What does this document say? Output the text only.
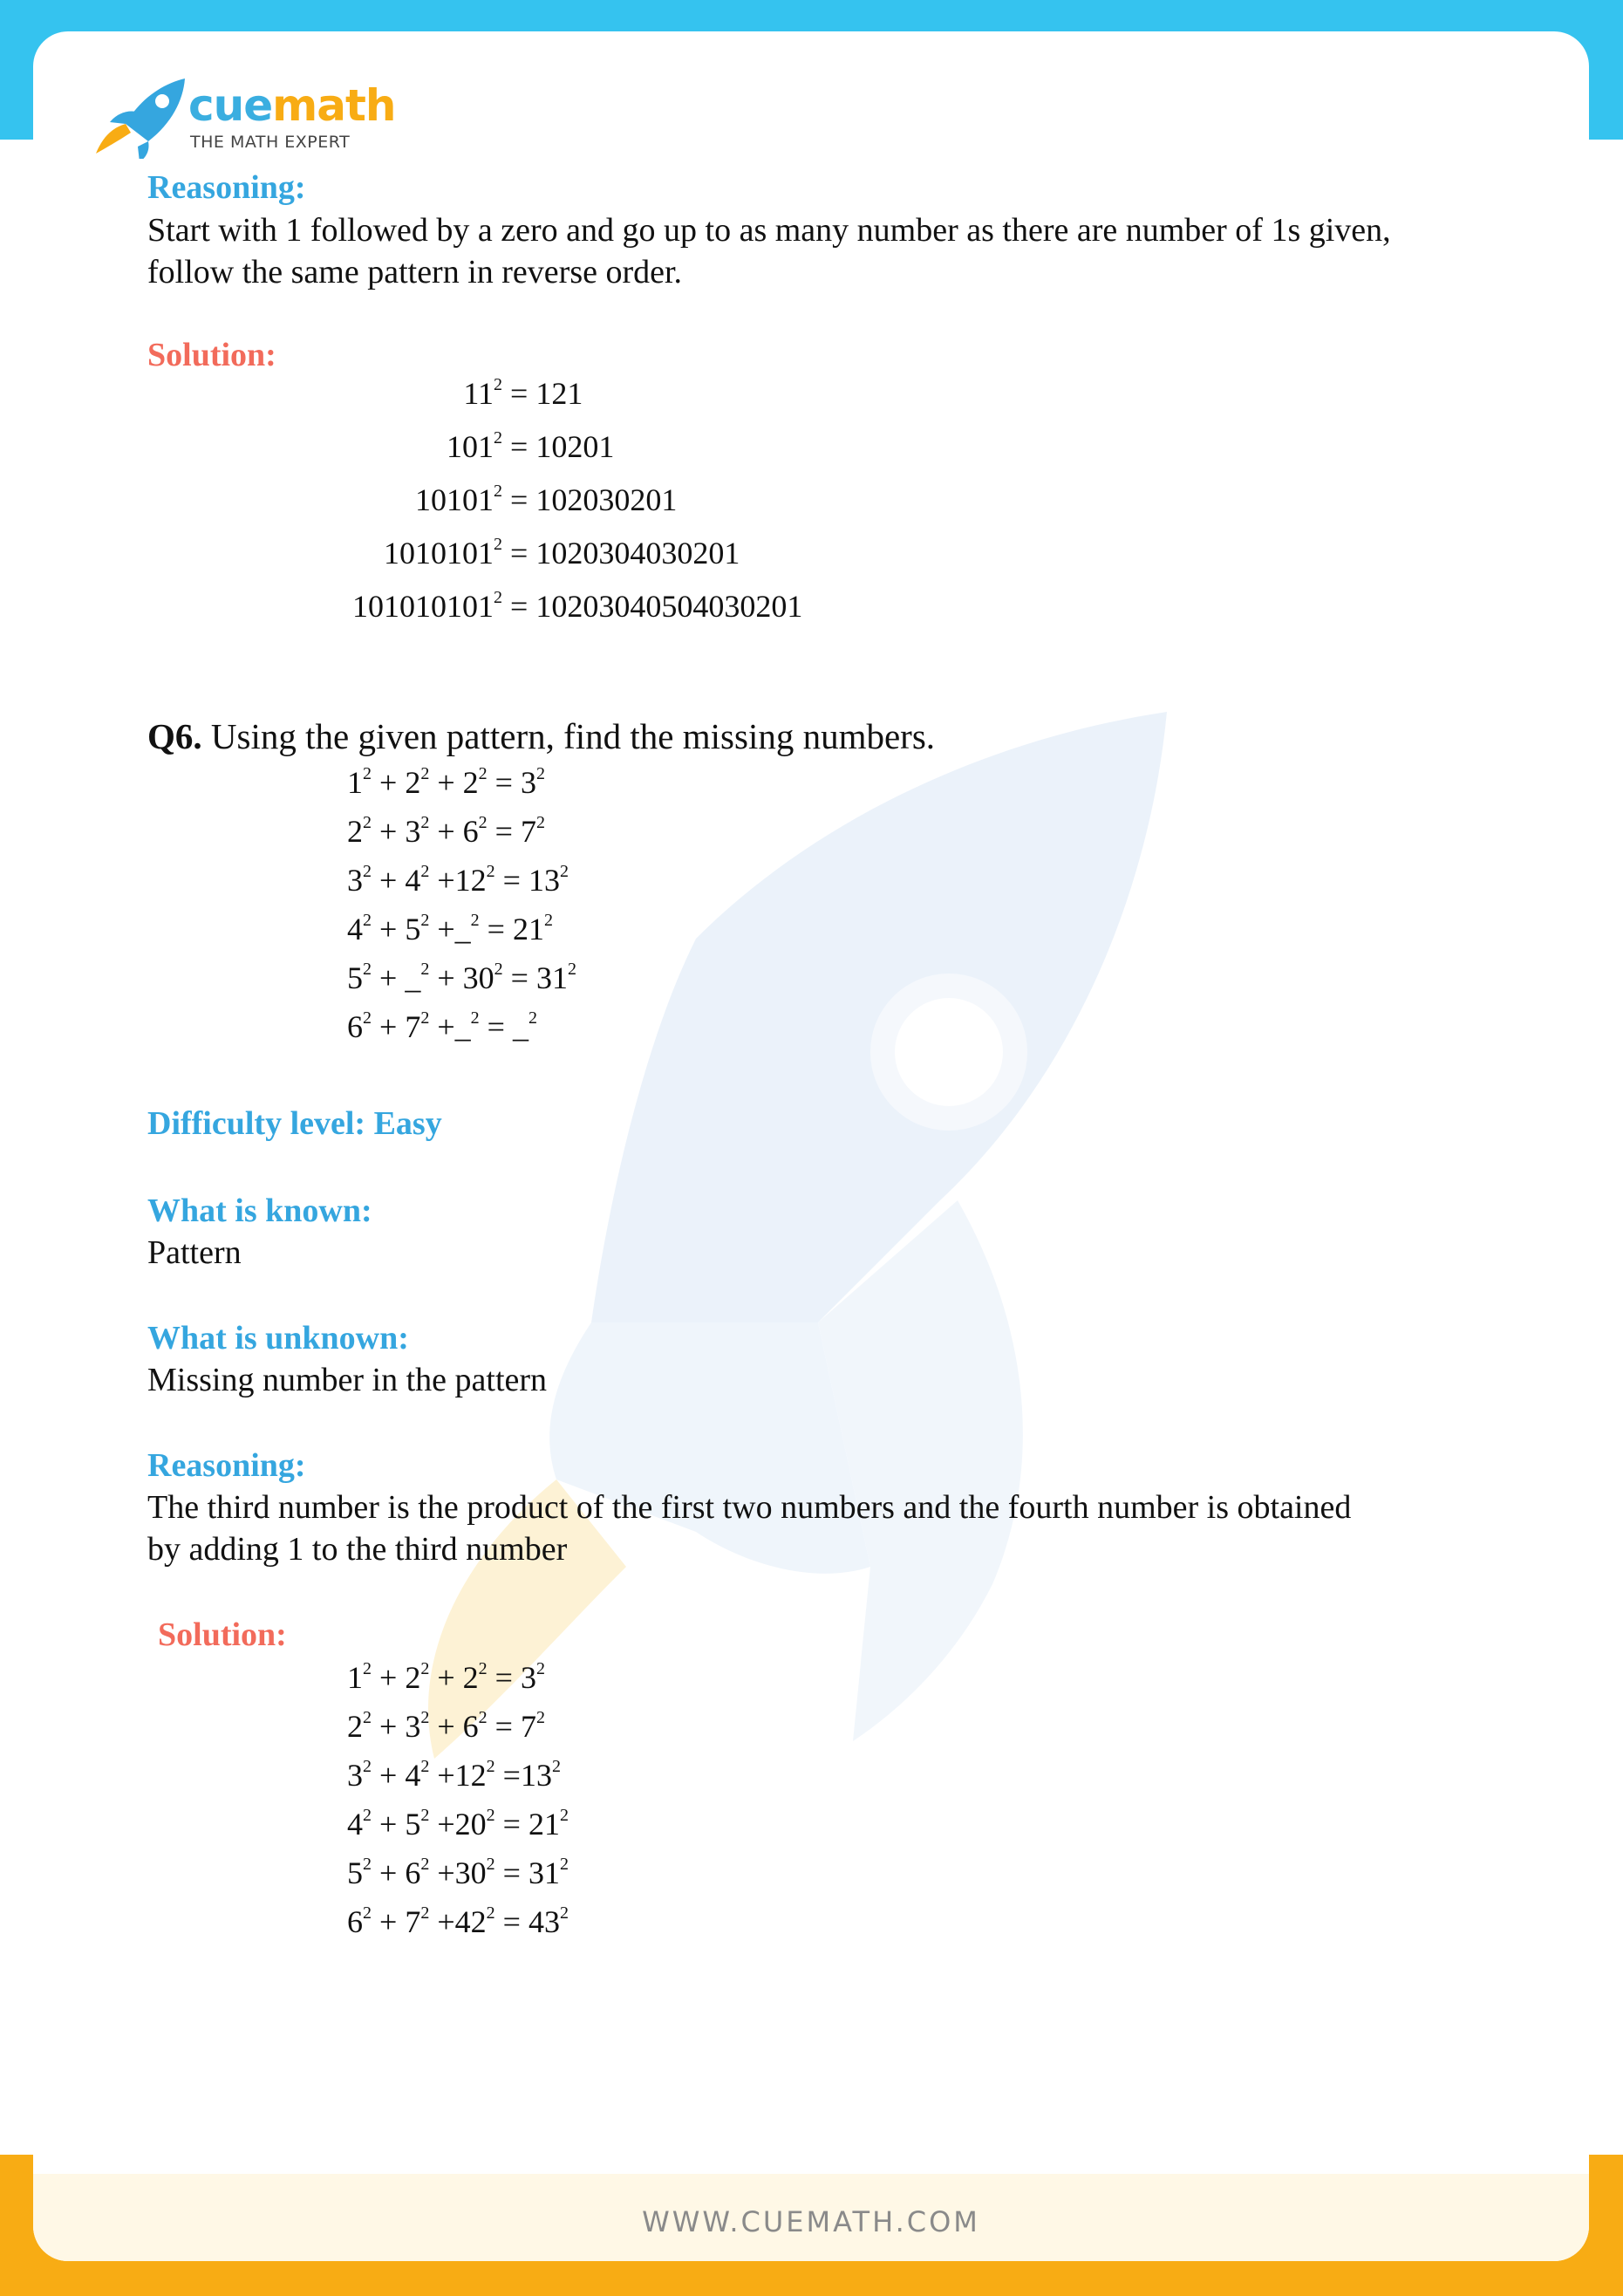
WWW.CUEMATH.COM
cuemath
THE MATH EXPERT
Reasoning:
Start with 1 followed by a zero and go up to as many number as there are number of 1s given, follow the same pattern in reverse order.
Solution:
$11^2 = 121$
$101^2 = 10201$
$10101^2 = 102030201$
$1010101^2 = 1020304030201$
$101010101^2 = 10203040504030201$
Q6. Using the given pattern, find the missing numbers.
$1^2 + 2^2 + 2^2 = 3^2$
$2^2 + 3^2 + 6^2 = 7^2$
$3^2 + 4^2 +12^2 = 13^2$
$4^2 + 5^2$ +_$^2$ = $21^2$
$5^2$ + _$^2$ + $30^2 = 31^2$
$6^2 + 7^2$ +_$^2$ = _$^2$
Difficulty level: Easy
What is known:
Pattern
What is unknown:
Missing number in the pattern
Reasoning:
The third number is the product of the first two numbers and the fourth number is obtained by adding 1 to the third number
Solution:
$1^2 + 2^2 + 2^2 = 3^2$
$2^2 + 3^2 + 6^2 = 7^2$
$3^2 + 4^2 +12^2 =13^2$
$4^2 + 5^2 +20^2 = 21^2$
$5^2 + 6^2 +30^2 = 31^2$
$6^2 + 7^2 +42^2 = 43^2$
